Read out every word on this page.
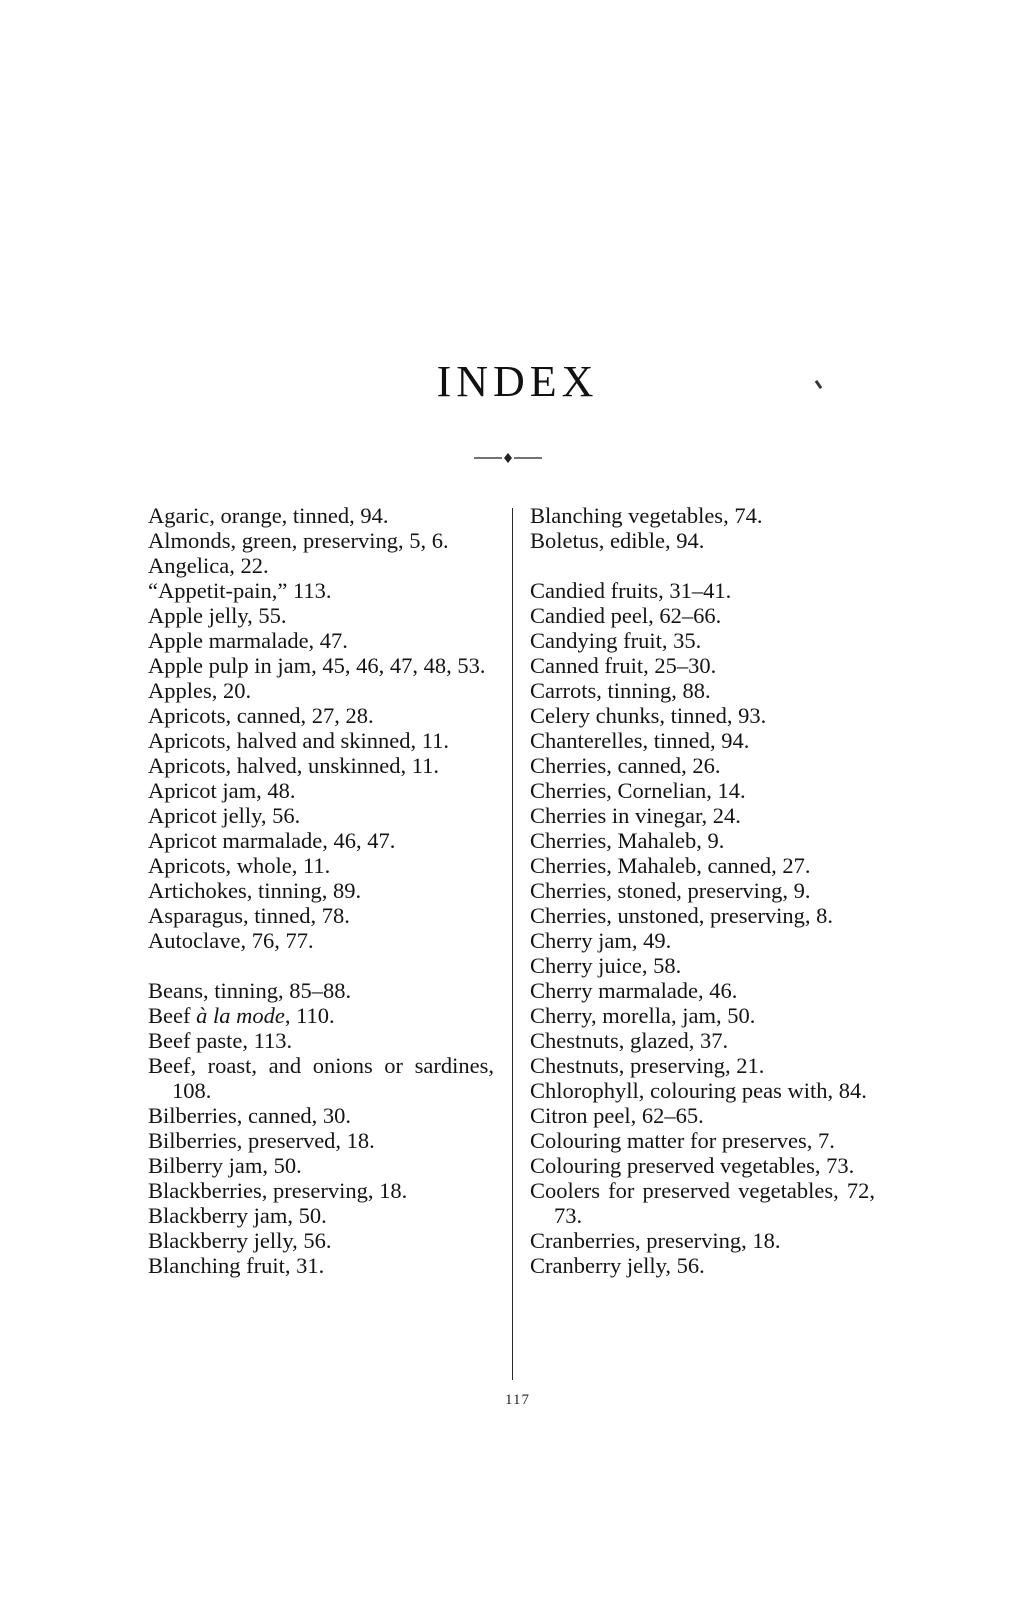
INDEX

Agaric, orange, tinned, 94.

Almonds, green, preserving, 5, 6.

Angelica, 22.

“Appetit-pain,” 113.

Apple jelly, 55.

Apple marmalade, 47.

Apple pulp in jam, 45, 46, 47, 48, 53.

Apples, 20.

Apricots, canned, 27, 28.

Apricots, halved and skinned, 11.

Apricots, halved, unskinned, 11.

Apricot jam, 48.

Apricot jelly, 56.

Apricot marmalade, 46, 47.

Apricots, whole, 11.

Artichokes, tinning, 89.

Asparagus, tinned, 78.

Autoclave, 76, 77.

Beans, tinning, 85–88.

Beef à la mode, 110.

Beef paste, 113.

Beef, roast, and onions or sardines, 108.

Bilberries, canned, 30.

Bilberries, preserved, 18.

Bilberry jam, 50.

Blackberries, preserving, 18.

Blackberry jam, 50.

Blackberry jelly, 56.

Blanching fruit, 31.

Blanching vegetables, 74.

Boletus, edible, 94.

Candied fruits, 31–41.

Candied peel, 62–66.

Candying fruit, 35.

Canned fruit, 25–30.

Carrots, tinning, 88.

Celery chunks, tinned, 93.

Chanterelles, tinned, 94.

Cherries, canned, 26.

Cherries, Cornelian, 14.

Cherries in vinegar, 24.

Cherries, Mahaleb, 9.

Cherries, Mahaleb, canned, 27.

Cherries, stoned, preserving, 9.

Cherries, unstoned, preserving, 8.

Cherry jam, 49.

Cherry juice, 58.

Cherry marmalade, 46.

Cherry, morella, jam, 50.

Chestnuts, glazed, 37.

Chestnuts, preserving, 21.

Chlorophyll, colouring peas with, 84.

Citron peel, 62–65.

Colouring matter for preserves, 7.

Colouring preserved vegetables, 73.

Coolers for preserved vegetables, 72, 73.

Cranberries, preserving, 18.

Cranberry jelly, 56.

117
